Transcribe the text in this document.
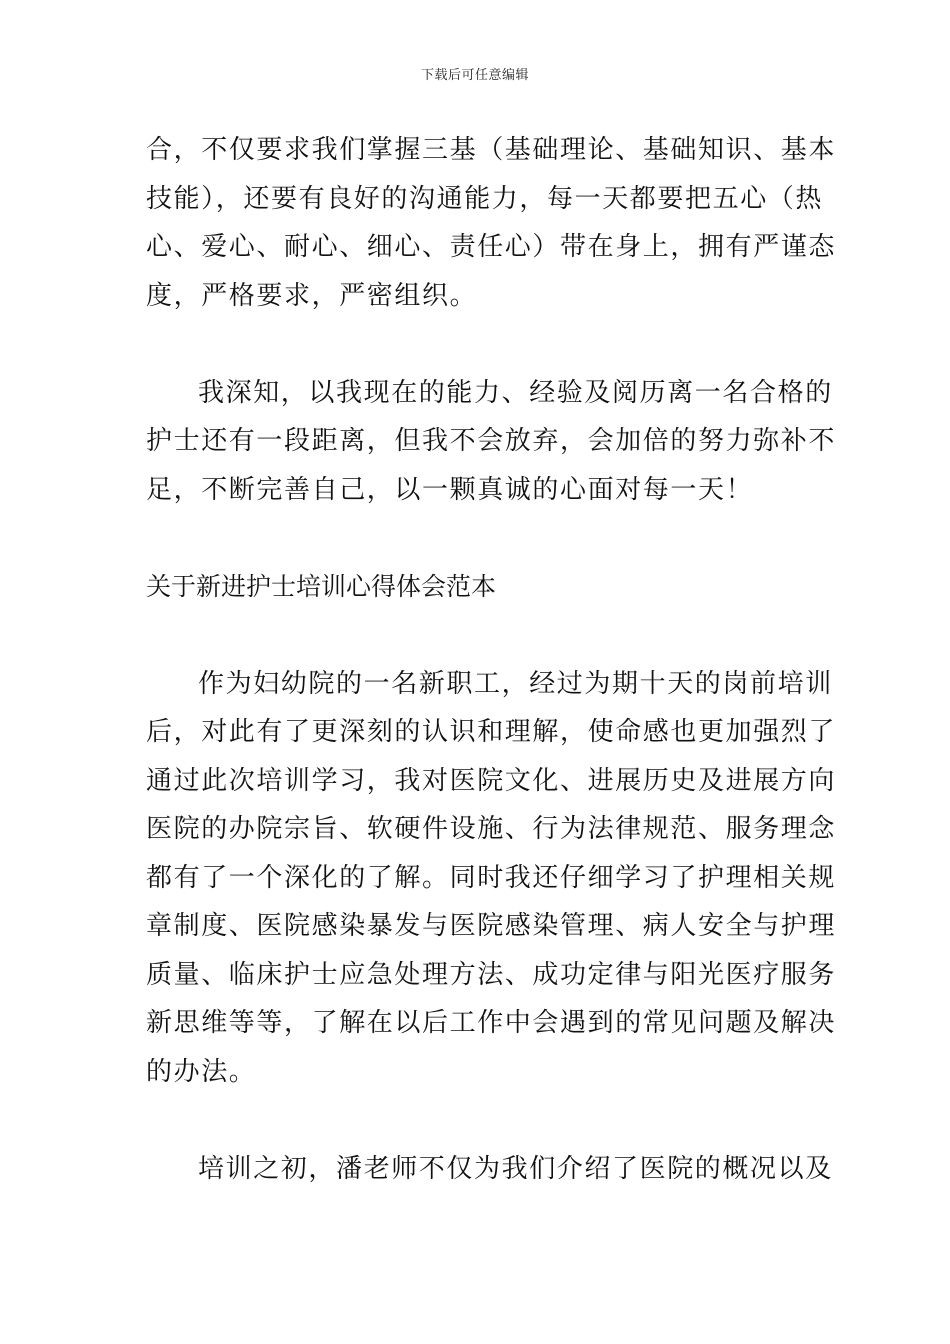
下载后可任意编辑
合，不仅要求我们掌握三基（基础理论、基础知识、基本
技能），还要有良好的沟通能力，每一天都要把五心（热
心、爱心、耐心、细心、责任心）带在身上，拥有严谨态
度，严格要求，严密组织。
我深知，以我现在的能力、经验及阅历离一名合格的
护士还有一段距离，但我不会放弃，会加倍的努力弥补不
足，不断完善自己，以一颗真诚的心面对每一天！
关于新进护士培训心得体会范本
作为妇幼院的一名新职工，经过为期十天的岗前培训
后，对此有了更深刻的认识和理解，使命感也更加强烈了
通过此次培训学习，我对医院文化、进展历史及进展方向
医院的办院宗旨、软硬件设施、行为法律规范、服务理念
都有了一个深化的了解。同时我还仔细学习了护理相关规
章制度、医院感染暴发与医院感染管理、病人安全与护理
质量、临床护士应急处理方法、成功定律与阳光医疗服务
新思维等等，了解在以后工作中会遇到的常见问题及解决
的办法。
培训之初，潘老师不仅为我们介绍了医院的概况以及
